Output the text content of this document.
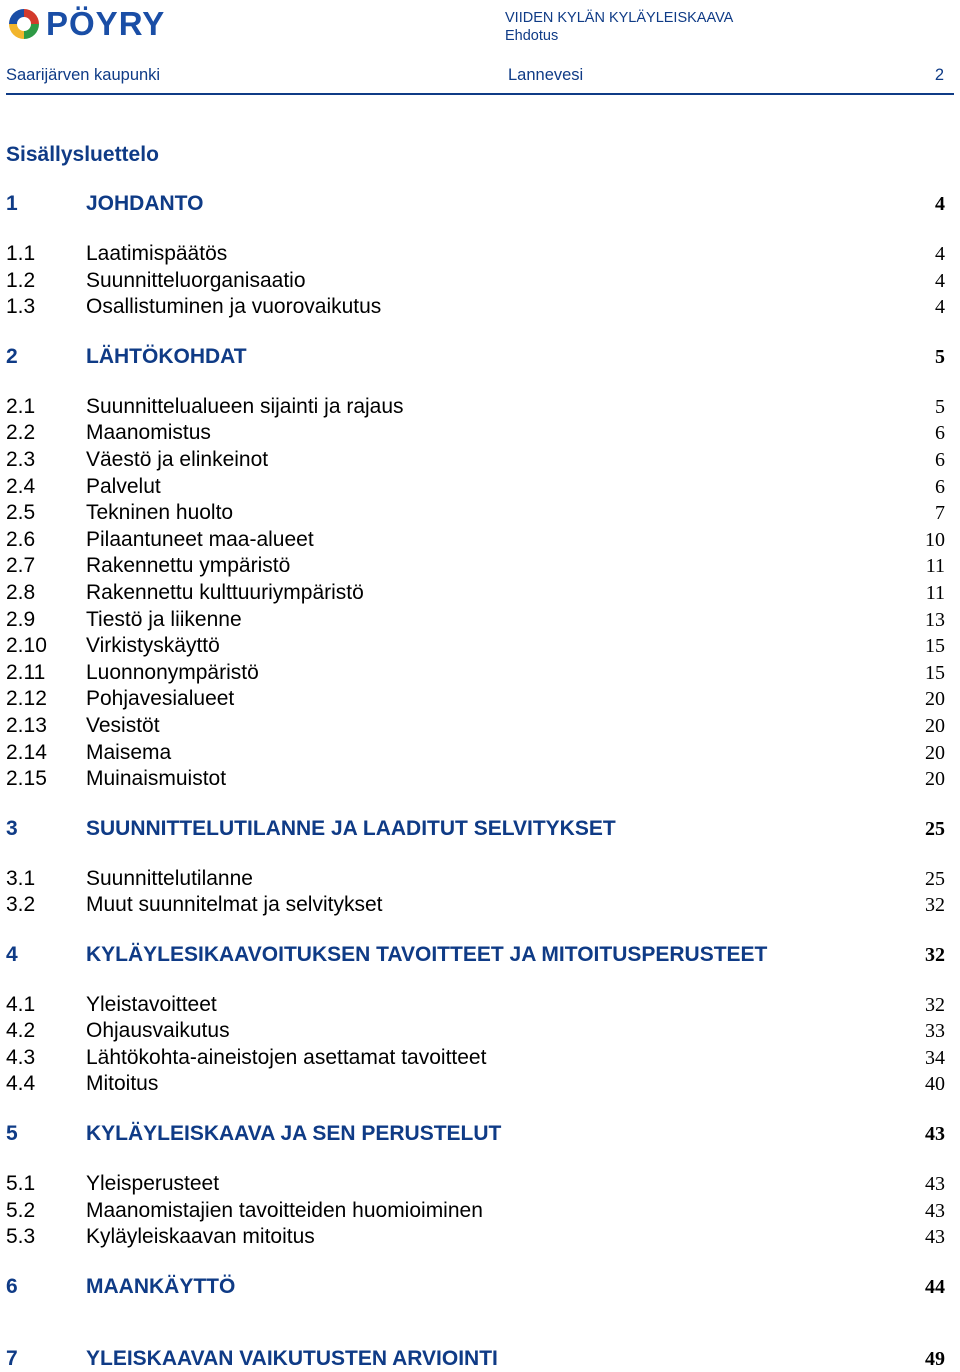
PÖYRY	VIIDEN KYLÄN KYLÄYLEISKAAVA
Ehdotus
Saarijärven kaupunki	Lannevesi	2
Sisällysluettelo
1	JOHDANTO	4
1.1	Laatimispäätös	4
1.2	Suunnitteluorganisaatio	4
1.3	Osallistuminen ja vuorovaikutus	4
2	LÄHTÖKOHDAT	5
2.1	Suunnittelualueen sijainti ja rajaus	5
2.2	Maanomistus	6
2.3	Väestö ja elinkeinot	6
2.4	Palvelut	6
2.5	Tekninen huolto	7
2.6	Pilaantuneet maa-alueet	10
2.7	Rakennettu ympäristö	11
2.8	Rakennettu kulttuuriympäristö	11
2.9	Tiestö ja liikenne	13
2.10	Virkistyskäyttö	15
2.11	Luonnonympäristö	15
2.12	Pohjavesialueet	20
2.13	Vesistöt	20
2.14	Maisema	20
2.15	Muinaismuistot	20
3	SUUNNITTELUTILANNE JA LAADITUT SELVITYKSET	25
3.1	Suunnittelutilanne	25
3.2	Muut suunnitelmat ja selvitykset	32
4	KYLÄYLESIKAAVOITUKSEN TAVOITTEET JA MITOITUSPERUSTEET	32
4.1	Yleistavoitteet	32
4.2	Ohjausvaikutus	33
4.3	Lähtökohta-aineistojen asettamat tavoitteet	34
4.4	Mitoitus	40
5	KYLÄYLEISKAAVA JA SEN PERUSTELUT	43
5.1	Yleisperusteet	43
5.2	Maanomistajien tavoitteiden huomioiminen	43
5.3	Kyläyleiskaavan mitoitus	43
6	MAANKÄYTTÖ	44
7	YLEISKAAVAN VAIKUTUSTEN ARVIOINTI	49
